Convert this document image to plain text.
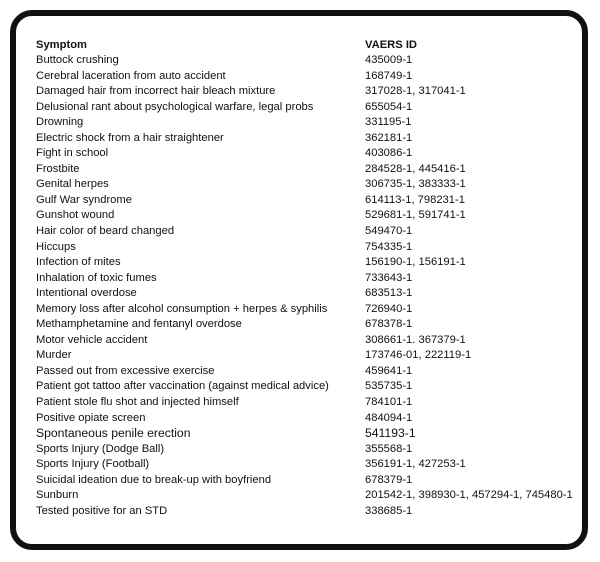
Symptom	VAERS ID
Buttock crushing	435009-1
Cerebral laceration from auto accident	168749-1
Damaged hair from incorrect hair bleach mixture	317028-1, 317041-1
Delusional rant about psychological warfare, legal probs	655054-1
Drowning	331195-1
Electric shock from a hair straightener	362181-1
Fight in school	403086-1
Frostbite	284528-1, 445416-1
Genital herpes	306735-1, 383333-1
Gulf War syndrome	614113-1, 798231-1
Gunshot wound	529681-1, 591741-1
Hair color of beard changed	549470-1
Hiccups	754335-1
Infection of mites	156190-1, 156191-1
Inhalation of toxic fumes	733643-1
Intentional overdose	683513-1
Memory loss after alcohol consumption + herpes & syphilis	726940-1
Methamphetamine and fentanyl overdose	678378-1
Motor vehicle accident	308661-1. 367379-1
Murder	173746-01, 222119-1
Passed out from excessive exercise	459641-1
Patient got tattoo after vaccination (against medical advice)	535735-1
Patient stole flu shot and injected himself	784101-1
Positive opiate screen	484094-1
Spontaneous penile erection	541193-1
Sports Injury (Dodge Ball)	355568-1
Sports Injury (Football)	356191-1, 427253-1
Suicidal ideation due to break-up with boyfriend	678379-1
Sunburn	201542-1, 398930-1, 457294-1, 745480-1
Tested positive for an STD	338685-1
